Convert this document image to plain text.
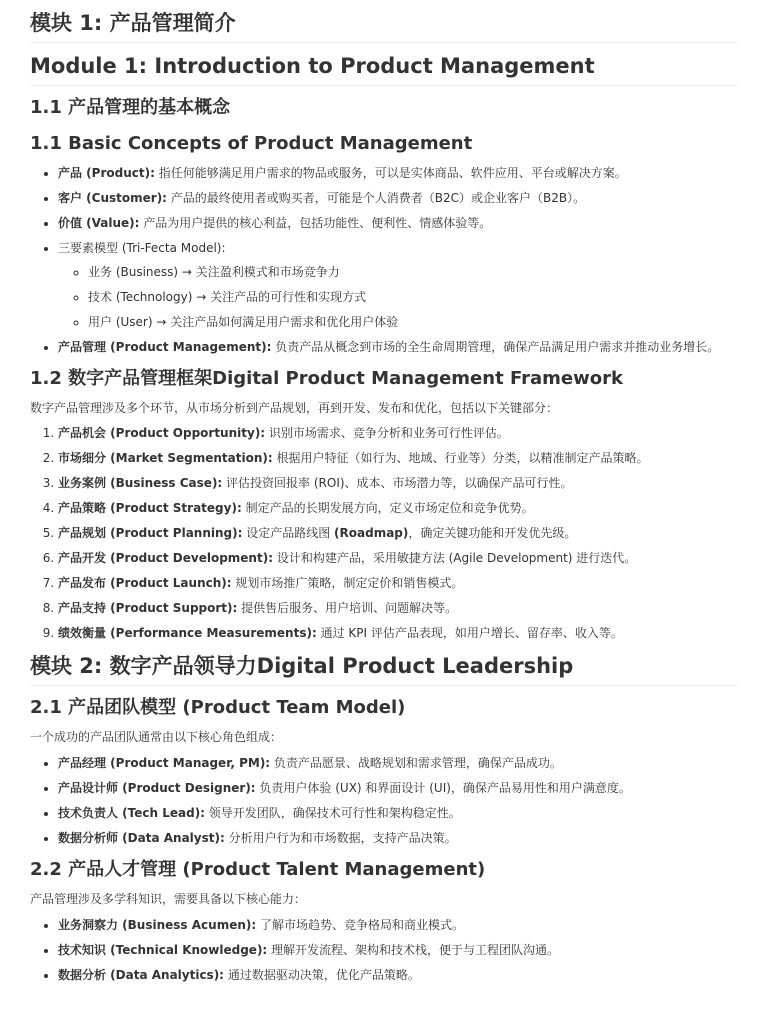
模块 1: 产品管理简介
Module 1: Introduction to Product Management
1.1 产品管理的基本概念
1.1 Basic Concepts of Product Management
• 产品 (Product): 指任何能够满足用户需求的物品或服务，可以是实体商品、软件应用、平台或解决方案。
• 客户 (Customer): 产品的最终使用者或购买者，可能是个人消费者（B2C）或企业客户（B2B）。
• 价值 (Value): 产品为用户提供的核心利益，包括功能性、便利性、情感体验等。
• 三要素模型 (Tri-Fecta Model):
◦ 业务 (Business) → 关注盈利模式和市场竞争力
◦ 技术 (Technology) → 关注产品的可行性和实现方式
◦ 用户 (User) → 关注产品如何满足用户需求和优化用户体验
• 产品管理 (Product Management): 负责产品从概念到市场的全生命周期管理，确保产品满足用户需求并推动业务增长。
1.2 数字产品管理框架Digital Product Management Framework

数字产品管理涉及多个环节，从市场分析到产品规划，再到开发、发布和优化，包括以下关键部分：

1. 产品机会 (Product Opportunity): 识别市场需求、竞争分析和业务可行性评估。
2. 市场细分 (Market Segmentation): 根据用户特征（如行为、地域、行业等）分类，以精准制定产品策略。
3. 业务案例 (Business Case): 评估投资回报率 (ROI)、成本、市场潜力等，以确保产品可行性。
4. 产品策略 (Product Strategy): 制定产品的长期发展方向，定义市场定位和竞争优势。
5. 产品规划 (Product Planning): 设定产品路线图 (Roadmap)，确定关键功能和开发优先级。
6. 产品开发 (Product Development): 设计和构建产品，采用敏捷方法 (Agile Development) 进行迭代。
7. 产品发布 (Product Launch): 规划市场推广策略，制定定价和销售模式。
8. 产品支持 (Product Support): 提供售后服务、用户培训、问题解决等。
9. 绩效衡量 (Performance Measurements): 通过 KPI 评估产品表现，如用户增长、留存率、收入等。
模块 2: 数字产品领导力Digital Product Leadership
2.1 产品团队模型 (Product Team Model)

一个成功的产品团队通常由以下核心角色组成：

• 产品经理 (Product Manager, PM): 负责产品愿景、战略规划和需求管理，确保产品成功。
• 产品设计师 (Product Designer): 负责用户体验 (UX) 和界面设计 (UI)，确保产品易用性和用户满意度。
• 技术负责人 (Tech Lead): 领导开发团队，确保技术可行性和架构稳定性。
• 数据分析师 (Data Analyst): 分析用户行为和市场数据，支持产品决策。
2.2 产品人才管理 (Product Talent Management)

产品管理涉及多学科知识，需要具备以下核心能力：

• 业务洞察力 (Business Acumen): 了解市场趋势、竞争格局和商业模式。
• 技术知识 (Technical Knowledge): 理解开发流程、架构和技术栈，便于与工程团队沟通。
• 数据分析 (Data Analytics): 通过数据驱动决策，优化产品策略。
